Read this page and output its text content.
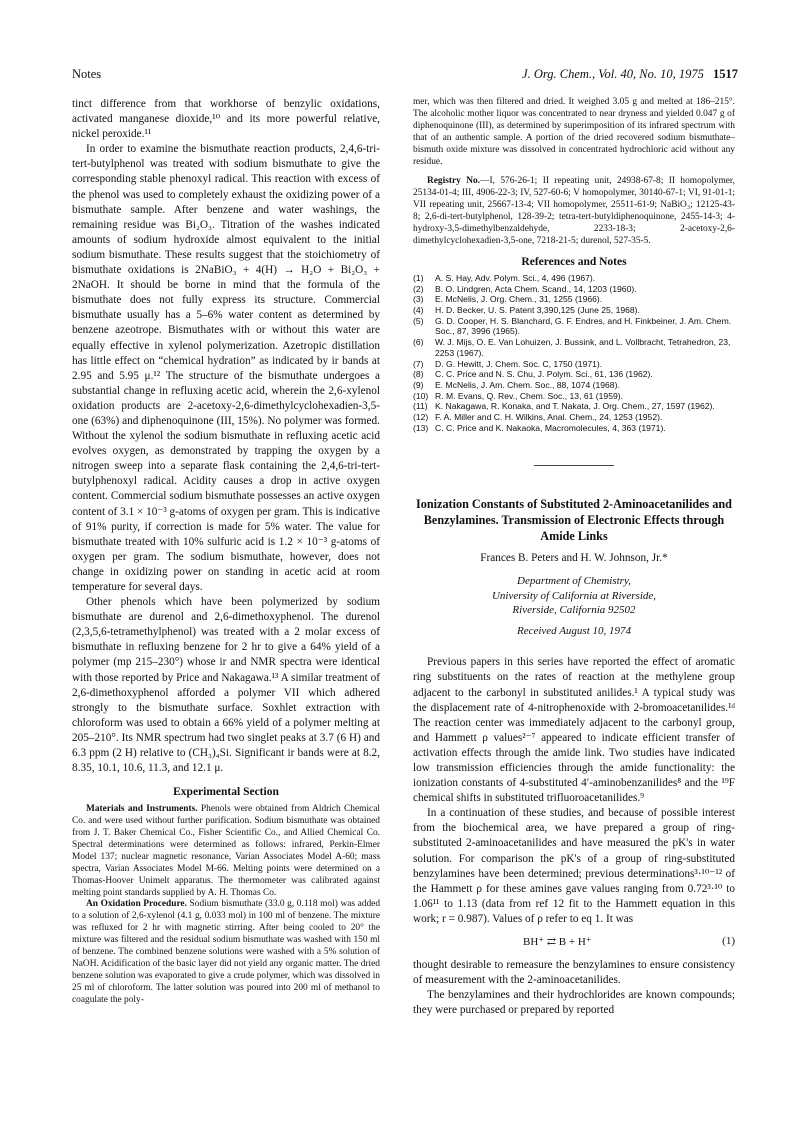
Notes	J. Org. Chem., Vol. 40, No. 10, 1975 1517

tinct difference from that workhorse of benzylic oxidations, activated manganese dioxide,¹⁰ and its more powerful relative, nickel peroxide.¹¹

In order to examine the bismuthate reaction products, 2,4,6-tri-tert-butylphenol was treated with sodium bismuthate to give the corresponding stable phenoxyl radical. This reaction with excess of the phenol was used to completely exhaust the oxidizing power of a bismuthate sample. After benzene and water washings, the remaining residue was Bi₂O₃. Titration of the washes indicated amounts of sodium hydroxide almost equivalent to the initial sodium bismuthate. These results suggest that the stoichiometry of bismuthate oxidations is 2NaBiO₃ + 4(H) → H₂O + Bi₂O₃ + 2NaOH. It should be borne in mind that the formula of the bismuthate does not fully express its structure. Commercial bismuthate usually has a 5–6% water content as determined by benzene azeotrope. Bismuthates with or without this water are equally effective in xylenol polymerization. Azetropic distillation has little effect on “chemical hydration” as indicated by ir bands at 2.95 and 5.95 μ.¹² The structure of the bismuthate undergoes a substantial change in refluxing acetic acid, wherein the 2,6-xylenol oxidation products are 2-acetoxy-2,6-dimethylcyclohexadien-3,5-one (63%) and diphenoquinone (III, 15%). No polymer was formed. Without the xylenol the sodium bismuthate in refluxing acetic acid evolves oxygen, as demonstrated by trapping the oxygen by a nitrogen sweep into a separate flask containing the 2,4,6-tri-tert-butylphenoxyl radical. Acidity causes a drop in active oxygen content. Commercial sodium bismuthate possesses an active oxygen content of 3.1 × 10⁻³ g-atoms of oxygen per gram. This is indicative of 91% purity, if correction is made for 5% water. The value for bismuthate treated with 10% sulfuric acid is 1.2 × 10⁻³ g-atoms of oxygen per gram. The sodium bismuthate, however, does not change in oxidizing power on standing in acetic acid at room temperature for several days.

Other phenols which have been polymerized by sodium bismuthate are durenol and 2,6-dimethoxyphenol. The durenol (2,3,5,6-tetramethylphenol) was treated with a 2 molar excess of bismuthate in refluxing benzene for 2 hr to give a 64% yield of a polymer (mp 215–230°) whose ir and NMR spectra were identical with those reported by Price and Nakagawa.¹³ A similar treatment of 2,6-dimethoxyphenol afforded a polymer VII which adhered strongly to the bismuthate surface. Soxhlet extraction with chloroform was used to obtain a 66% yield of a polymer melting at 205–210°. Its NMR spectrum had two singlet peaks at 3.7 (6 H) and 6.3 ppm (2 H) relative to (CH₃)₄Si. Significant ir bands were at 8.2, 8.35, 10.1, 10.6, 11.3, and 12.1 μ.

Experimental Section

Materials and Instruments. Phenols were obtained from Aldrich Chemical Co. and were used without further purification. Sodium bismuthate was obtained from J. T. Baker Chemical Co., Fisher Scientific Co., and Allied Chemical Co. Spectral determinations were determined as follows: infrared, Perkin-Elmer Model 137; nuclear magnetic resonance, Varian Associates Model A-60; mass spectra, Varian Associates Model M-66. Melting points were determined on a Thomas-Hoover Unimelt apparatus. The thermometer was calibrated against melting point standards supplied by A. H. Thomas Co.

An Oxidation Procedure. Sodium bismuthate (33.0 g, 0.118 mol) was added to a solution of 2,6-xylenol (4.1 g, 0.033 mol) in 100 ml of benzene. The mixture was refluxed for 2 hr with magnetic stirring. After being cooled to 20° the mixture was filtered and the residual sodium bismuthate was washed with 150 ml of benzene. The combined benzene solutions were washed with a 5% solution of NaOH. Acidification of the basic layer did not yield any organic matter. The dried benzene solution was evaporated to give a crude polymer, which was dissolved in 25 ml of chloroform. The latter solution was poured into 200 ml of methanol to coagulate the poly-

mer, which was then filtered and dried. It weighed 3.05 g and melted at 186–215°. The alcoholic mother liquor was concentrated to near dryness and yielded 0.047 g of diphenoquinone (III), as determined by superimposition of its infrared spectrum with that of an authentic sample. A portion of the dried recovered sodium bismuthate–bismuth oxide mixture was dissolved in concentrated hydrochloric acid without any residue.

Registry No.—I, 576-26-1; II repeating unit, 24938-67-8; II homopolymer, 25134-01-4; III, 4906-22-3; IV, 527-60-6; V homopolymer, 30140-67-1; VI, 91-01-1; VII repeating unit, 25667-13-4; VII homopolymer, 25511-61-9; NaBiO₃; 12125-43-8; 2,6-di-tert-butylphenol, 128-39-2; tetra-tert-butyldiphenoquinone, 2455-14-3; 4-hydroxy-3,5-dimethylbenzaldehyde, 2233-18-3; 2-acetoxy-2,6-dimethylcyclohexadien-3,5-one, 7218-21-5; durenol, 527-35-5.

References and Notes
(1)	A. S. Hay, Adv. Polym. Sci., 4, 496 (1967).
(2)	B. O. Lindgren, Acta Chem. Scand., 14, 1203 (1960).
(3)	E. McNelis, J. Org. Chem., 31, 1255 (1966).
(4)	H. D. Becker, U. S. Patent 3,390,125 (June 25, 1968).
(5)	G. D. Cooper, H. S. Blanchard, G. F. Endres, and H. Finkbeiner, J. Am. Chem. Soc., 87, 3996 (1965).
(6)	W. J. Mijs, O. E. Van Lohuizen, J. Bussink, and L. Vollbracht, Tetrahedron, 23, 2253 (1967).
(7)	D. G. Hewitt, J. Chem. Soc. C, 1750 (1971).
(8)	C. C. Price and N. S. Chu, J. Polym. Sci., 61, 136 (1962).
(9)	E. McNelis, J. Am. Chem. Soc., 88, 1074 (1968).
(10) R. M. Evans, Q. Rev., Chem. Soc., 13, 61 (1959).
(11) K. Nakagawa, R. Konaka, and T. Nakata, J. Org. Chem., 27, 1597 (1962).
(12) F. A. Miller and C. H. Wilkins, Anal. Chem., 24, 1253 (1952).
(13) C. C. Price and K. Nakaoka, Macromolecules, 4, 363 (1971).
Ionization Constants of Substituted 2-Aminoacetanilides and Benzylamines. Transmission of Electronic Effects through Amide Links
Frances B. Peters and H. W. Johnson, Jr.*
Department of Chemistry,
University of California at Riverside,
Riverside, California 92502
Received August 10, 1974

Previous papers in this series have reported the effect of aromatic ring substituents on the rates of reaction at the methylene group adjacent to the carbonyl in substituted anilides.¹ A typical study was the displacement rate of 4-nitrophenoxide with 2-bromoacetanilides.¹ᵈ The reaction center was immediately adjacent to the carbonyl group, and Hammett ρ values²⁻⁷ appeared to indicate efficient transfer of activation effects through the amide link. Two studies have indicated low transmission efficiencies through the amide functionality: the ionization constants of 4-substituted 4′-aminobenzanilides⁸ and the ¹⁹F chemical shifts in substituted trifluoroacetanilides.⁹

In a continuation of these studies, and because of possible interest from the biochemical area, we have prepared a group of ring-substituted 2-aminoacetanilides and have measured the pK's in water solution. For comparison the pK's of a group of ring-substituted benzylamines have been determined; previous determinations³·¹⁰⁻¹² of the Hammett ρ for these amines gave values ranging from 0.72³·¹⁰ to 1.06¹¹ to 1.13 (data from ref 12 fit to the Hammett equation in this work; r = 0.987). Values of ρ refer to eq 1. It was

BH⁺ ⇄ B + H⁺	(1)

thought desirable to remeasure the benzylamines to ensure consistency of measurement with the 2-aminoacetanilides.

The benzylamines and their hydrochlorides are known compounds; they were purchased or prepared by reported
